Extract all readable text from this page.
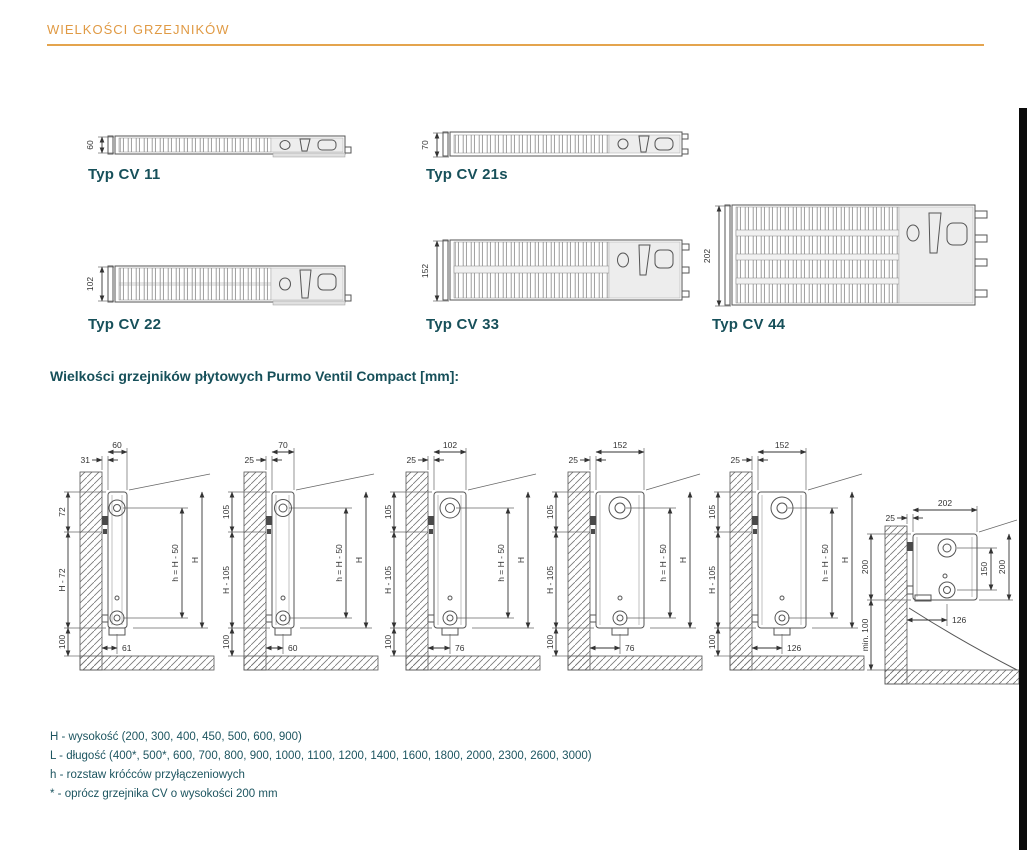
WIELKOŚCI GRZEJNIKÓW
60
Typ CV 11
70
Typ CV 21s
102
Typ CV 22
152
Typ CV 33
202
Typ CV 44
Wielkości grzejników płytowych Purmo Ventil Compact [mm]:
31
60
72
H - 72
100
H
h = H - 50
61
25
70
105
H - 105
100
H
h = H - 50
60
25
102
105
H - 105
100
H
h = H - 50
76
25
152
105
H - 105
100
H
h = H - 50
76
25
152
105
H - 105
100
H
h = H - 50
126
25
202
200
min. 100
150 200
126

H - wysokość (200, 300, 400, 450, 500, 600, 900)

L - długość (400*, 500*, 600, 700, 800, 900, 1000, 1100, 1200, 1400, 1600, 1800, 2000, 2300, 2600, 3000)

h - rozstaw króćców przyłączeniowych

* - oprócz grzejnika CV o wysokości 200 mm
